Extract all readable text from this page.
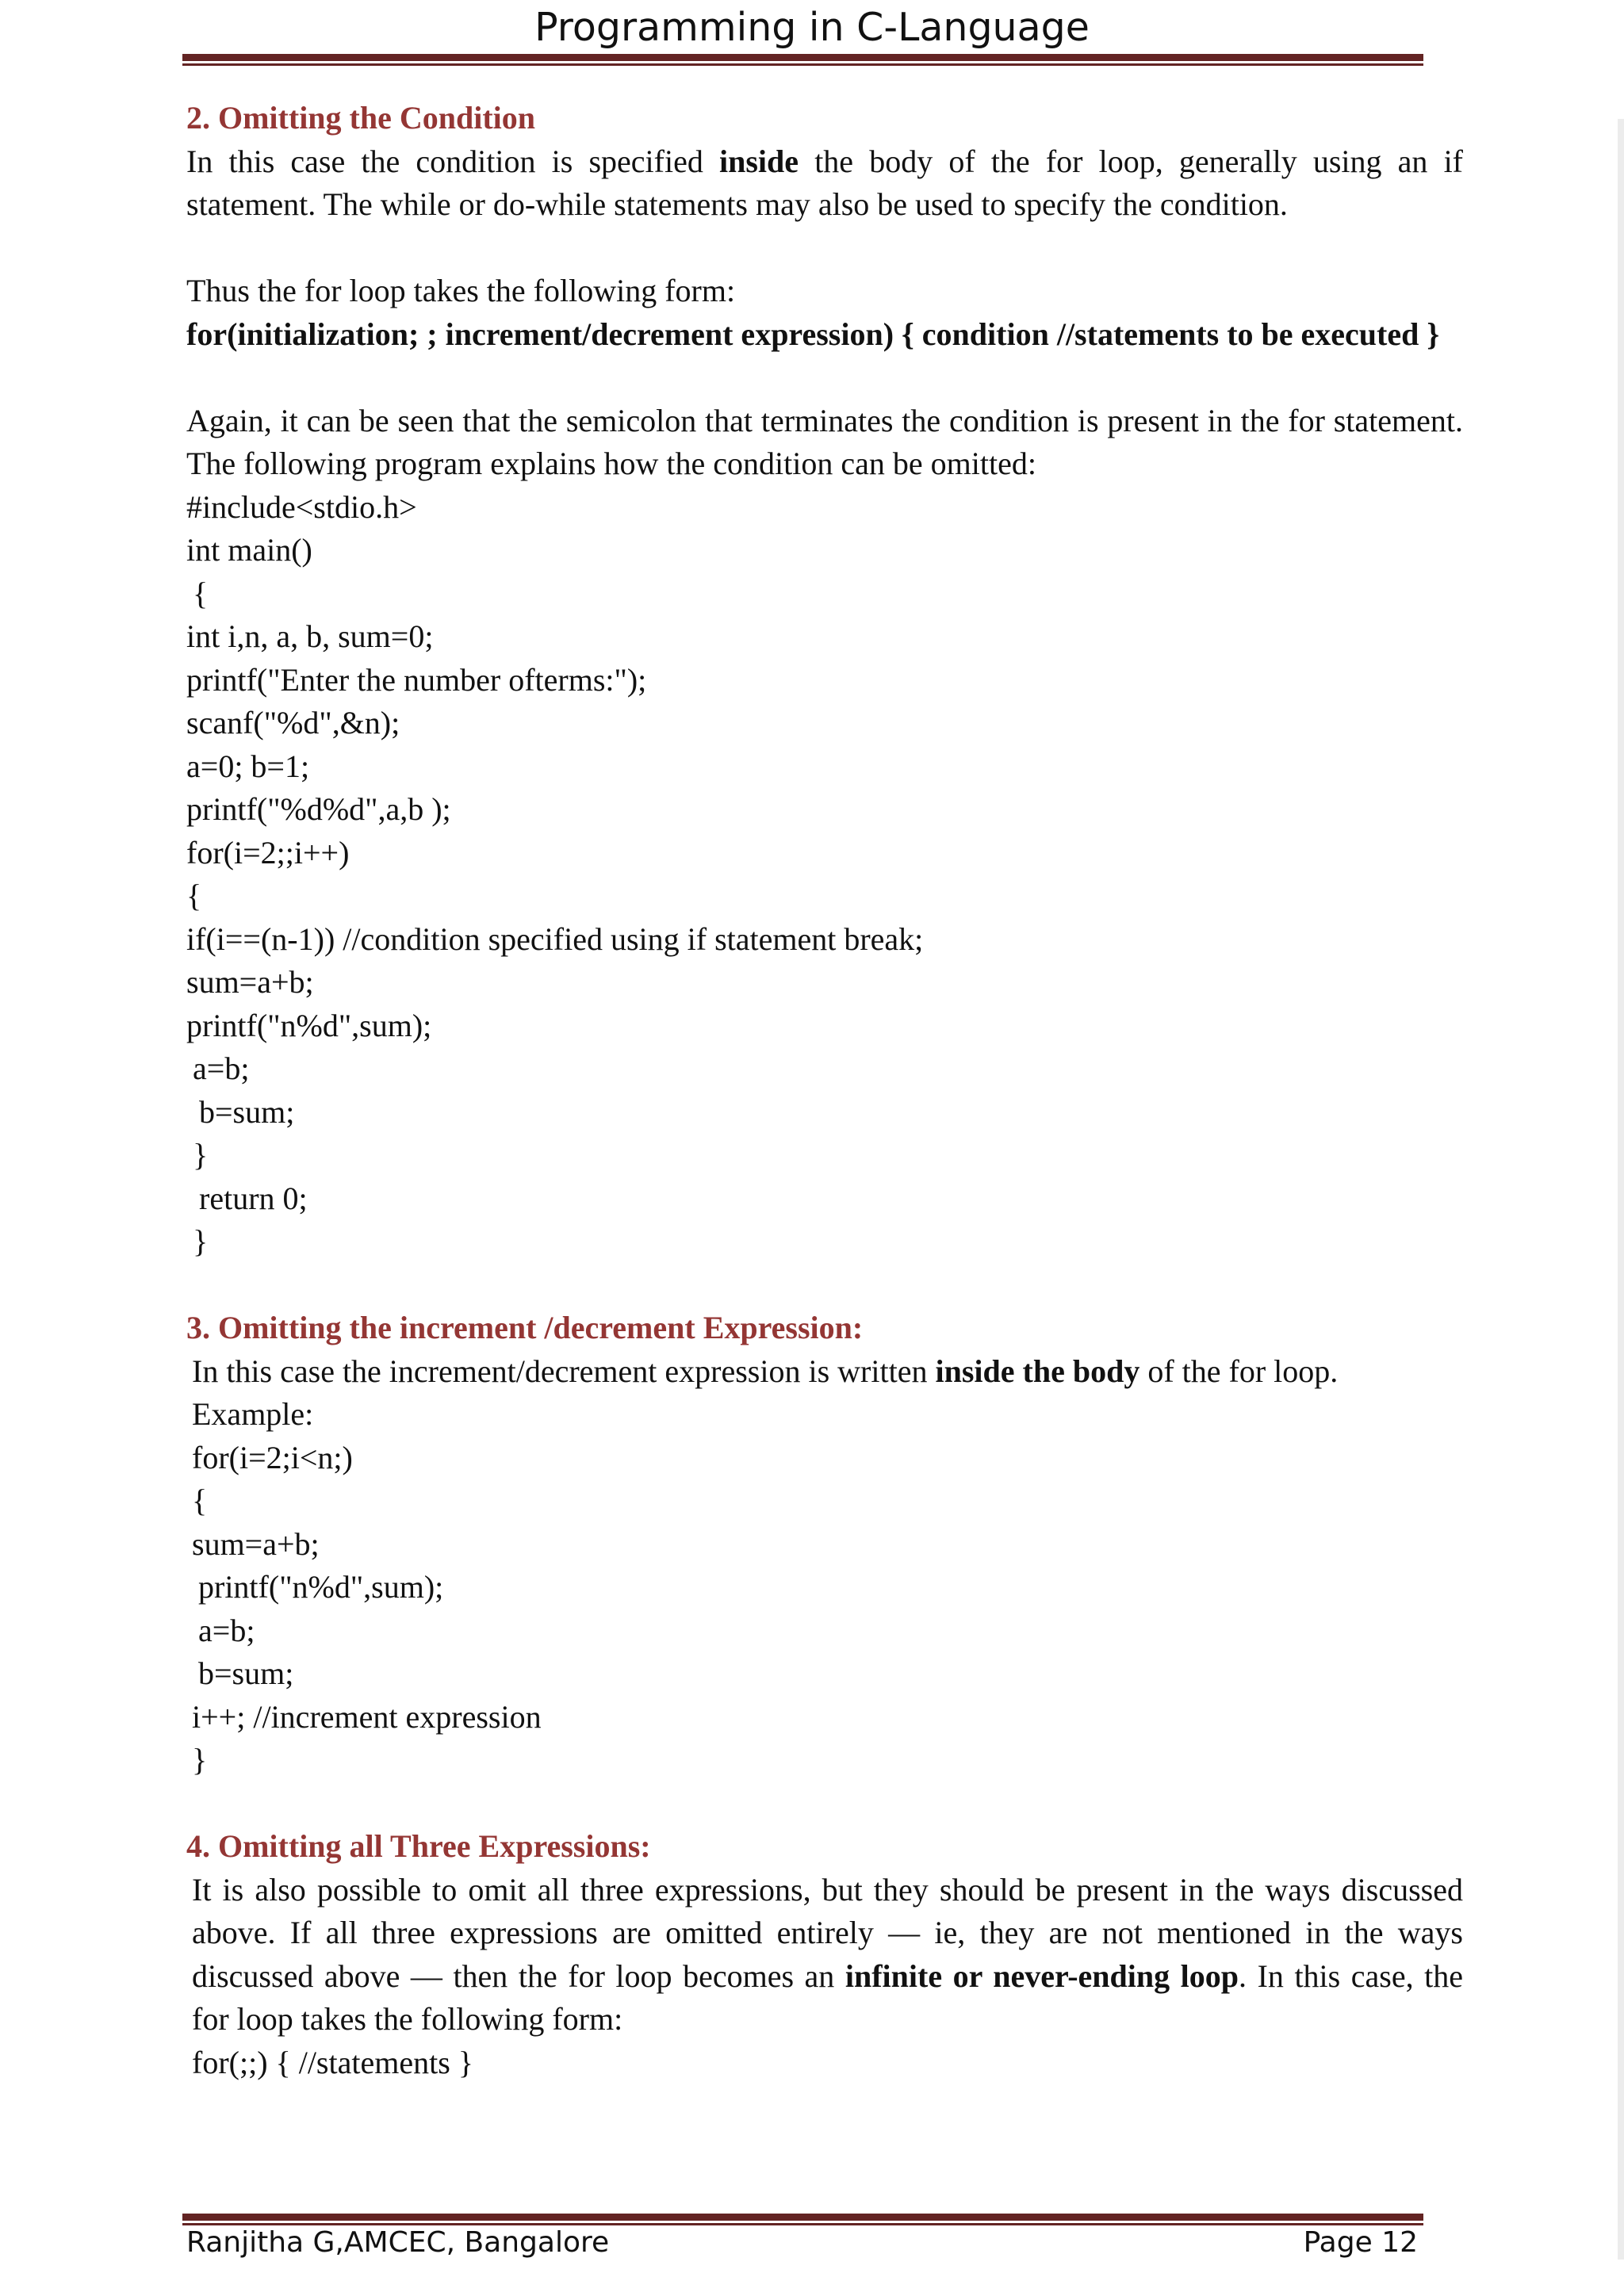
Programming in C-Language

2. Omitting the Condition

In this case the condition is specified inside the body of the for loop, generally using an if statement. The while or do-while statements may also be used to specify the condition.

Thus the for loop takes the following form:

for(initialization; ; increment/decrement expression) { condition //statements to be executed }

Again, it can be seen that the semicolon that terminates the condition is present in the for statement. The following program explains how the condition can be omitted:

#include<stdio.h>

int main()

{

int i,n, a, b, sum=0;

printf("Enter the number ofterms:");

scanf("%d",&n);

a=0; b=1;

printf("%d%d",a,b );

for(i=2;;i++)

{

if(i==(n-1)) //condition specified using if statement break;

sum=a+b;

printf("n%d",sum);

a=b;

b=sum;

}

return 0;

}

3. Omitting the increment /decrement Expression:

In this case the increment/decrement expression is written inside the body of the for loop.

Example:

for(i=2;i<n;)

{

sum=a+b;

printf("n%d",sum);

a=b;

b=sum;

i++; //increment expression

}

4. Omitting all Three Expressions:

It is also possible to omit all three expressions, but they should be present in the ways discussed above. If all three expressions are omitted entirely — ie, they are not mentioned in the ways discussed above — then the for loop becomes an infinite or never-ending loop. In this case, the for loop takes the following form:

for(;;) { //statements }

Ranjitha G,AMCEC, Bangalore	Page 12
